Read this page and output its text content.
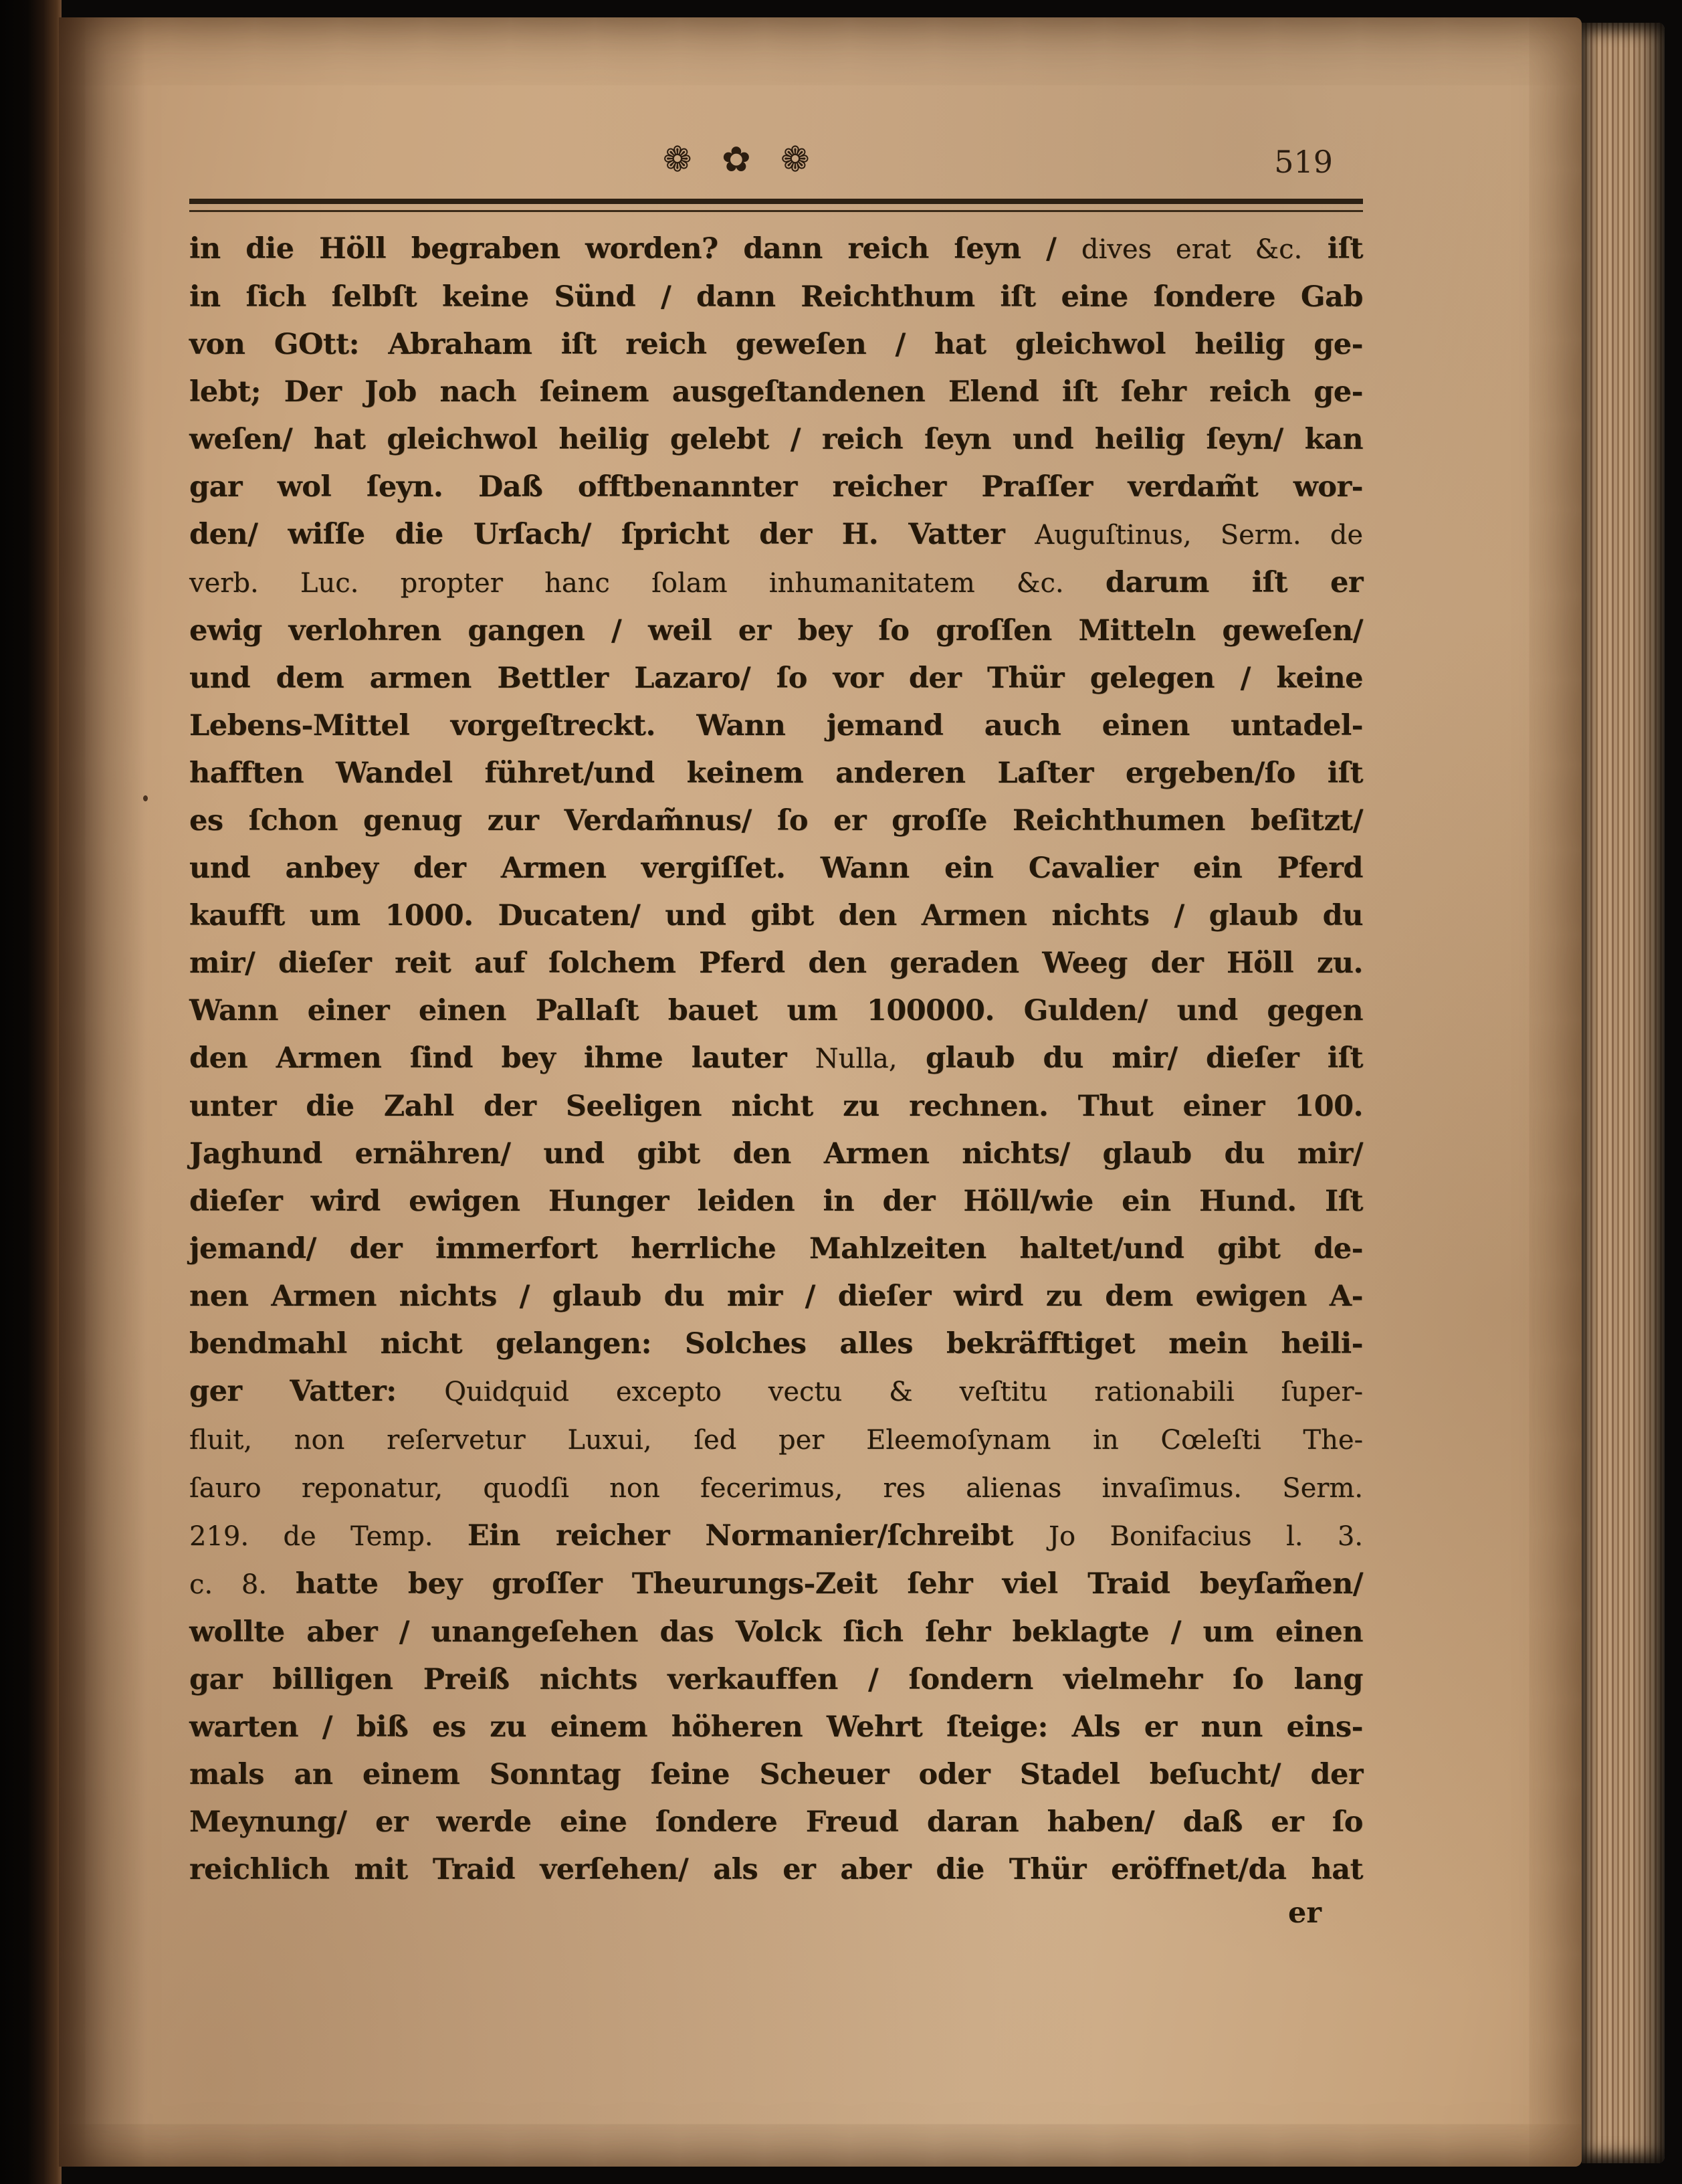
❁ ✿ ❁	519
in die Höll begraben worden? dann reich ſeyn / dives erat &c. iſt
in ſich ſelbſt keine Sünd / dann Reichthum iſt eine ſondere Gab
von GOtt: Abraham iſt reich geweſen / hat gleichwol heilig ge-
lebt; Der Job nach ſeinem ausgeſtandenen Elend iſt ſehr reich ge-
weſen/ hat gleichwol heilig gelebt / reich ſeyn und heilig ſeyn/ kan
gar wol ſeyn. Daß offtbenannter reicher Praſſer verdam̃t wor-
den/ wiſſe die Urſach/ ſpricht der H. Vatter Auguſtinus, Serm. de
verb. Luc. propter hanc ſolam inhumanitatem &c. darum iſt er
ewig verlohren gangen / weil er bey ſo groſſen Mitteln geweſen/
und dem armen Bettler Lazaro/ ſo vor der Thür gelegen / keine
Lebens-Mittel vorgeſtreckt. Wann jemand auch einen untadel-
hafften Wandel führet/und keinem anderen Laſter ergeben/ſo iſt
es ſchon genug zur Verdam̃nus/ ſo er groſſe Reichthumen beſitzt/
und anbey der Armen vergiſſet. Wann ein Cavalier ein Pferd
kaufft um 1000. Ducaten/ und gibt den Armen nichts / glaub du
mir/ dieſer reit auf ſolchem Pferd den geraden Weeg der Höll zu.
Wann einer einen Pallaſt bauet um 100000. Gulden/ und gegen
den Armen ſind bey ihme lauter Nulla, glaub du mir/ dieſer iſt
unter die Zahl der Seeligen nicht zu rechnen. Thut einer 100.
Jaghund ernähren/ und gibt den Armen nichts/ glaub du mir/
dieſer wird ewigen Hunger leiden in der Höll/wie ein Hund. Iſt
jemand/ der immerfort herrliche Mahlzeiten haltet/und gibt de-
nen Armen nichts / glaub du mir / dieſer wird zu dem ewigen A-
bendmahl nicht gelangen: Solches alles bekräfftiget mein heili-
ger Vatter: Quidquid excepto vectu & veſtitu rationabili ſuper-
fluit, non reſervetur Luxui, ſed per Eleemoſynam in Cœleſti The-
ſauro reponatur, quodſi non fecerimus, res alienas invaſimus. Serm.
219. de Temp. Ein reicher Normanier/ſchreibt Jo Bonifacius l. 3.
c. 8. hatte bey groſſer Theurungs-Zeit ſehr viel Traid beyſam̃en/
wollte aber / unangeſehen das Volck ſich ſehr beklagte / um einen
gar billigen Preiß nichts verkauffen / ſondern vielmehr ſo lang
warten / biß es zu einem höheren Wehrt ſteige: Als er nun eins-
mals an einem Sonntag ſeine Scheuer oder Stadel beſucht/ der
Meynung/ er werde eine ſondere Freud daran haben/ daß er ſo
reichlich mit Traid verſehen/ als er aber die Thür eröffnet/da hat
er
